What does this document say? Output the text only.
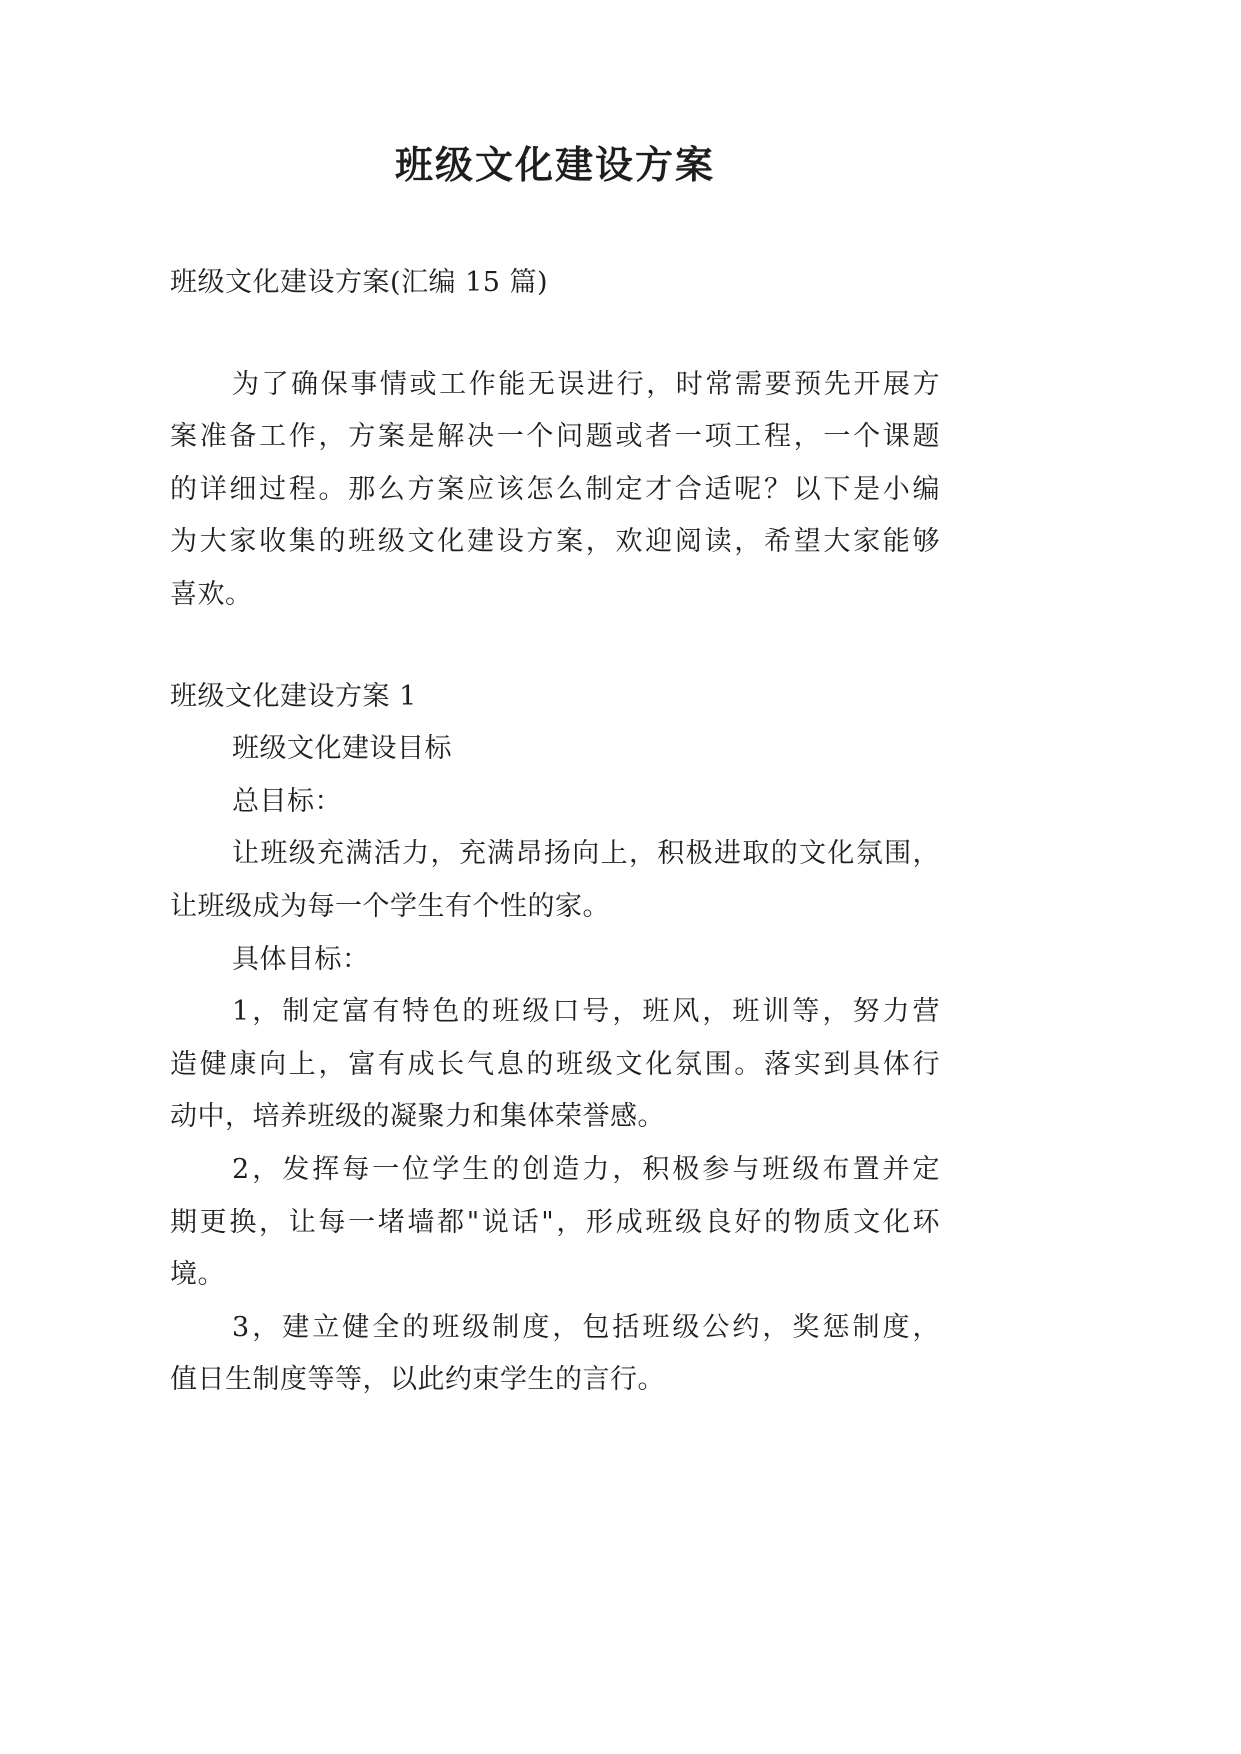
班级文化建设方案
班级文化建设方案(汇编 15 篇)
为了确保事情或工作能无误进行，时常需要预先开展方
案准备工作，方案是解决一个问题或者一项工程，一个课题
的详细过程。那么方案应该怎么制定才合适呢？以下是小编
为大家收集的班级文化建设方案，欢迎阅读，希望大家能够
喜欢。
班级文化建设方案 1
班级文化建设目标
总目标：
让班级充满活力，充满昂扬向上，积极进取的文化氛围，
让班级成为每一个学生有个性的家。
具体目标：
1，制定富有特色的班级口号，班风，班训等，努力营
造健康向上，富有成长气息的班级文化氛围。落实到具体行
动中，培养班级的凝聚力和集体荣誉感。
2，发挥每一位学生的创造力，积极参与班级布置并定
期更换，让每一堵墙都"说话"，形成班级良好的物质文化环
境。
3，建立健全的班级制度，包括班级公约，奖惩制度，
值日生制度等等，以此约束学生的言行。
